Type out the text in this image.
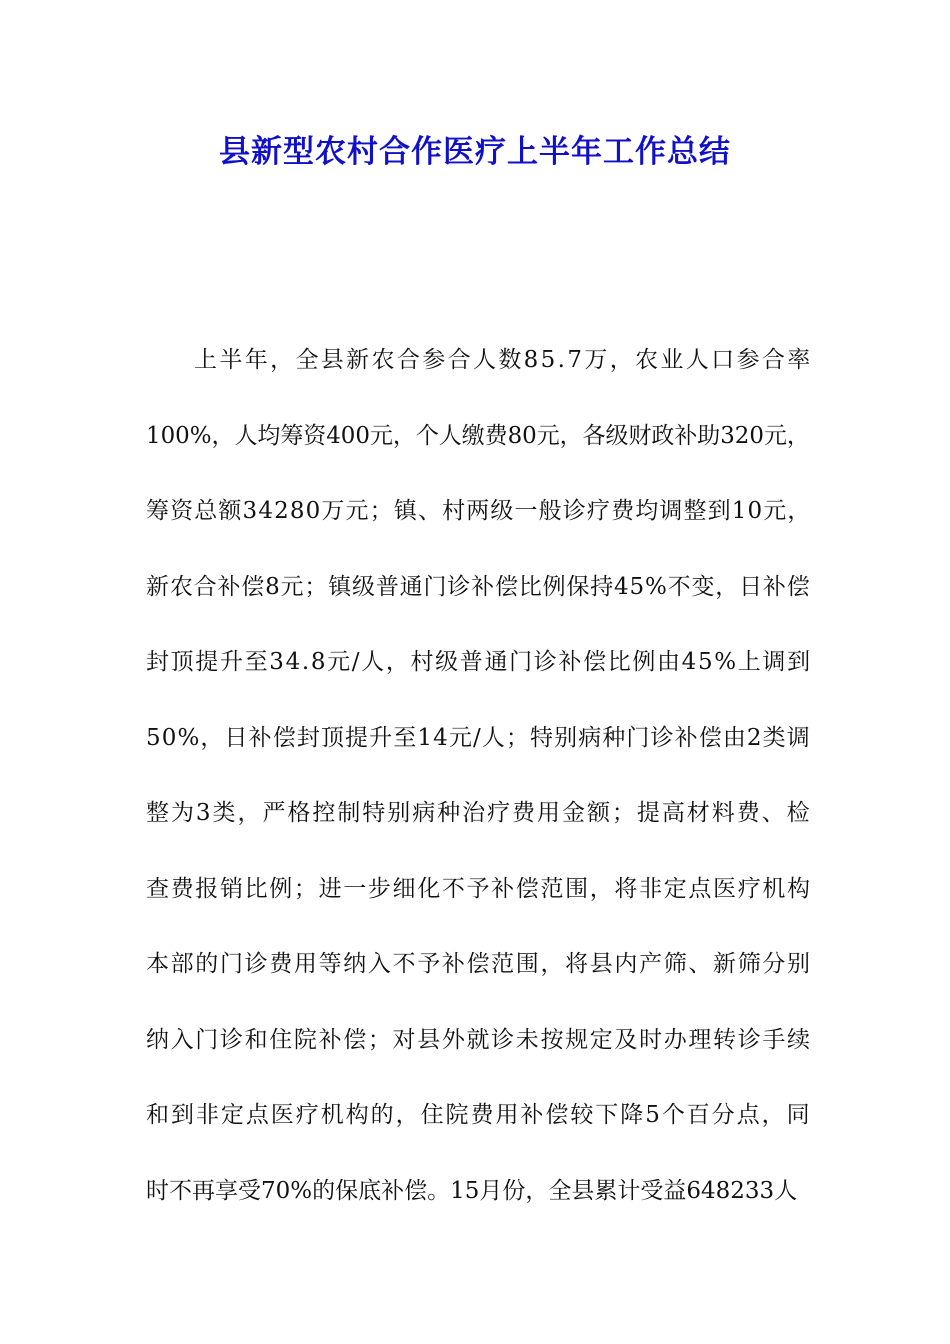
县新型农村合作医疗上半年工作总结
上半年，全县新农合参合人数85.7万，农业人口参合率
100%，人均筹资400元，个人缴费80元，各级财政补助320元，
筹资总额34280万元；镇、村两级一般诊疗费均调整到10元，
新农合补偿8元；镇级普通门诊补偿比例保持45%不变，日补偿
封顶提升至34.8元/人，村级普通门诊补偿比例由45%上调到
50%，日补偿封顶提升至14元/人；特别病种门诊补偿由2类调
整为3类，严格控制特别病种治疗费用金额；提高材料费、检
查费报销比例；进一步细化不予补偿范围，将非定点医疗机构
本部的门诊费用等纳入不予补偿范围，将县内产筛、新筛分别
纳入门诊和住院补偿；对县外就诊未按规定及时办理转诊手续
和到非定点医疗机构的，住院费用补偿较下降5个百分点，同
时不再享受70%的保底补偿。15月份，全县累计受益648233人
